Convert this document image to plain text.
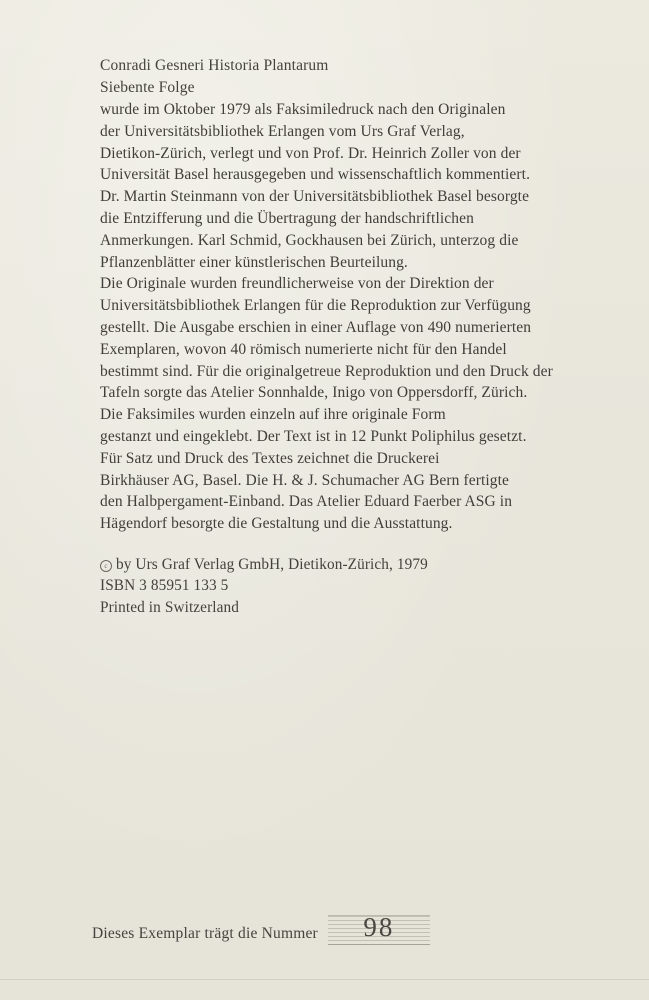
Conradi Gesneri Historia Plantarum
Siebente Folge
wurde im Oktober 1979 als Faksimiledruck nach den Originalen
der Universitätsbibliothek Erlangen vom Urs Graf Verlag,
Dietikon-Zürich, verlegt und von Prof. Dr. Heinrich Zoller von der
Universität Basel herausgegeben und wissenschaftlich kommentiert.
Dr. Martin Steinmann von der Universitätsbibliothek Basel besorgte
die Entzifferung und die Übertragung der handschriftlichen
Anmerkungen. Karl Schmid, Gockhausen bei Zürich, unterzog die
Pflanzenblätter einer künstlerischen Beurteilung.
Die Originale wurden freundlicherweise von der Direktion der
Universitätsbibliothek Erlangen für die Reproduktion zur Verfügung
gestellt. Die Ausgabe erschien in einer Auflage von 490 numerierten
Exemplaren, wovon 40 römisch numerierte nicht für den Handel
bestimmt sind. Für die originalgetreue Reproduktion und den Druck der
Tafeln sorgte das Atelier Sonnhalde, Inigo von Oppersdorff, Zürich.
Die Faksimiles wurden einzeln auf ihre originale Form
gestanzt und eingeklebt. Der Text ist in 12 Punkt Poliphilus gesetzt.
Für Satz und Druck des Textes zeichnet die Druckerei
Birkhäuser AG, Basel. Die H. & J. Schumacher AG Bern fertigte
den Halbpergament-Einband. Das Atelier Eduard Faerber ASG in
Hägendorf besorgte die Gestaltung und die Ausstattung.
c by Urs Graf Verlag GmbH, Dietikon-Zürich, 1979
ISBN 3 85951 133 5
Printed in Switzerland
Dieses Exemplar trägt die Nummer	98
